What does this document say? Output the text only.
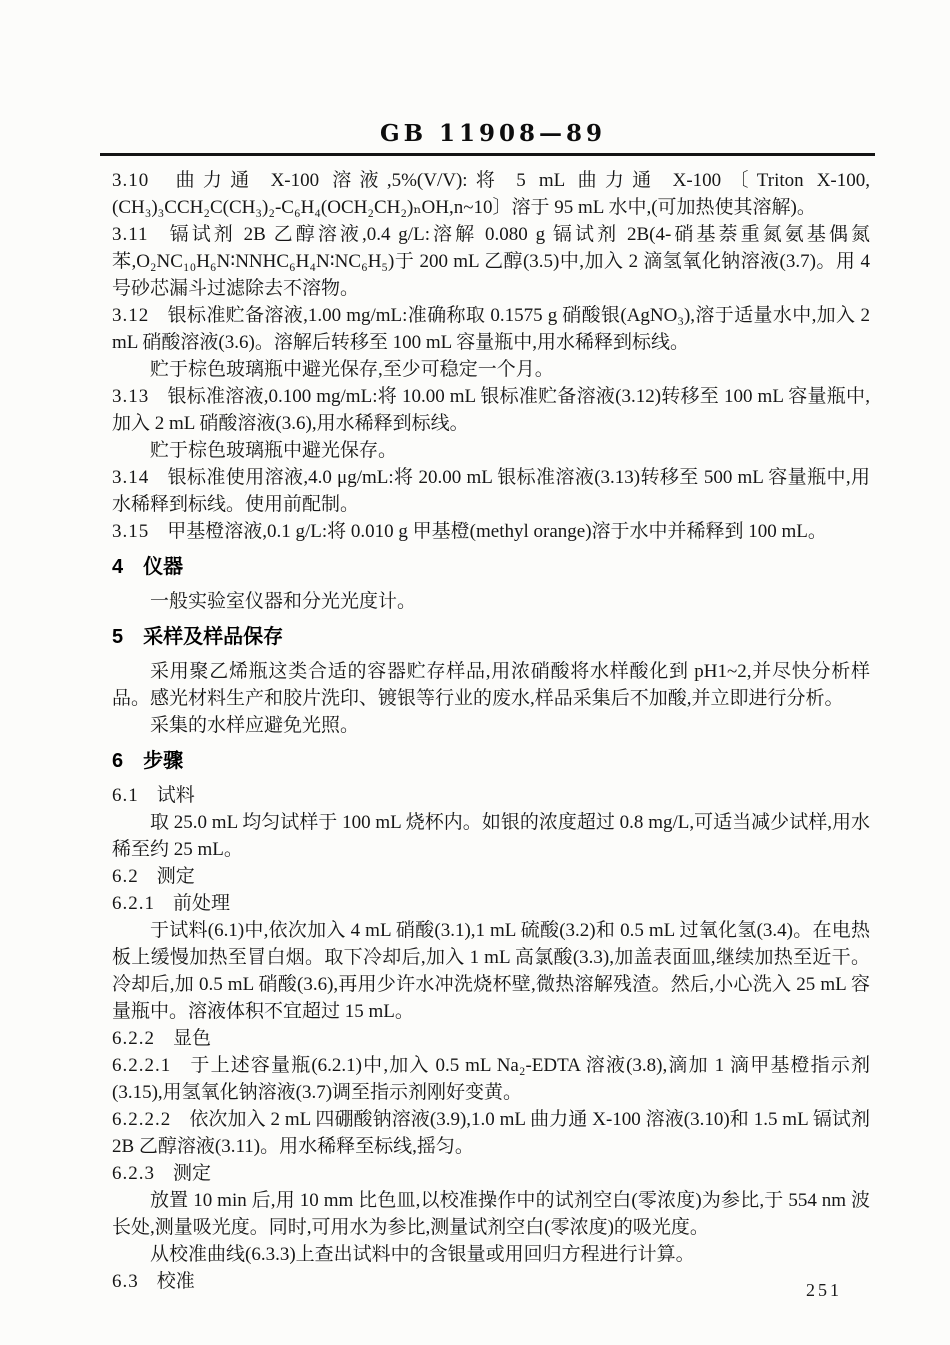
GB 11908—89
3.10 曲力通 X-100 溶液,5%(V/V):将 5 mL 曲力通 X-100〔Triton X-100,(CH₃)₃CCH₂C(CH₃)₂-C₆H₄(OCH₂CH₂)ₙOH,n~10〕溶于 95 mL 水中,(可加热使其溶解)。
3.11 镉试剂 2B 乙醇溶液,0.4 g/L:溶解 0.080 g 镉试剂 2B(4-硝基萘重氮氨基偶氮苯,O₂NC₁₀H₆N∶NNHC₆H₄N∶NC₆H₅)于 200 mL 乙醇(3.5)中,加入 2 滴氢氧化钠溶液(3.7)。用 4 号砂芯漏斗过滤除去不溶物。
3.12 银标准贮备溶液,1.00 mg/mL:准确称取 0.1575 g 硝酸银(AgNO₃),溶于适量水中,加入 2 mL 硝酸溶液(3.6)。溶解后转移至 100 mL 容量瓶中,用水稀释到标线。
贮于棕色玻璃瓶中避光保存,至少可稳定一个月。
3.13 银标准溶液,0.100 mg/mL:将 10.00 mL 银标准贮备溶液(3.12)转移至 100 mL 容量瓶中,加入 2 mL 硝酸溶液(3.6),用水稀释到标线。
贮于棕色玻璃瓶中避光保存。
3.14 银标准使用溶液,4.0 μg/mL:将 20.00 mL 银标准溶液(3.13)转移至 500 mL 容量瓶中,用水稀释到标线。使用前配制。
3.15 甲基橙溶液,0.1 g/L:将 0.010 g 甲基橙(methyl orange)溶于水中并稀释到 100 mL。
4 仪器
一般实验室仪器和分光光度计。
5 采样及样品保存
采用聚乙烯瓶这类合适的容器贮存样品,用浓硝酸将水样酸化到 pH1~2,并尽快分析样品。感光材料生产和胶片洗印、镀银等行业的废水,样品采集后不加酸,并立即进行分析。
采集的水样应避免光照。
6 步骤
6.1 试料
取 25.0 mL 均匀试样于 100 mL 烧杯内。如银的浓度超过 0.8 mg/L,可适当减少试样,用水稀至约 25 mL。
6.2 测定
6.2.1 前处理
于试料(6.1)中,依次加入 4 mL 硝酸(3.1),1 mL 硫酸(3.2)和 0.5 mL 过氧化氢(3.4)。在电热板上缓慢加热至冒白烟。取下冷却后,加入 1 mL 高氯酸(3.3),加盖表面皿,继续加热至近干。冷却后,加 0.5 mL 硝酸(3.6),再用少许水冲洗烧杯壁,微热溶解残渣。然后,小心洗入 25 mL 容量瓶中。溶液体积不宜超过 15 mL。
6.2.2 显色
6.2.2.1 于上述容量瓶(6.2.1)中,加入 0.5 mL Na₂-EDTA 溶液(3.8),滴加 1 滴甲基橙指示剂(3.15),用氢氧化钠溶液(3.7)调至指示剂刚好变黄。
6.2.2.2 依次加入 2 mL 四硼酸钠溶液(3.9),1.0 mL 曲力通 X-100 溶液(3.10)和 1.5 mL 镉试剂 2B 乙醇溶液(3.11)。用水稀释至标线,摇匀。
6.2.3 测定
放置 10 min 后,用 10 mm 比色皿,以校准操作中的试剂空白(零浓度)为参比,于 554 nm 波长处,测量吸光度。同时,可用水为参比,测量试剂空白(零浓度)的吸光度。
从校准曲线(6.3.3)上查出试料中的含银量或用回归方程进行计算。
6.3 校准	251
